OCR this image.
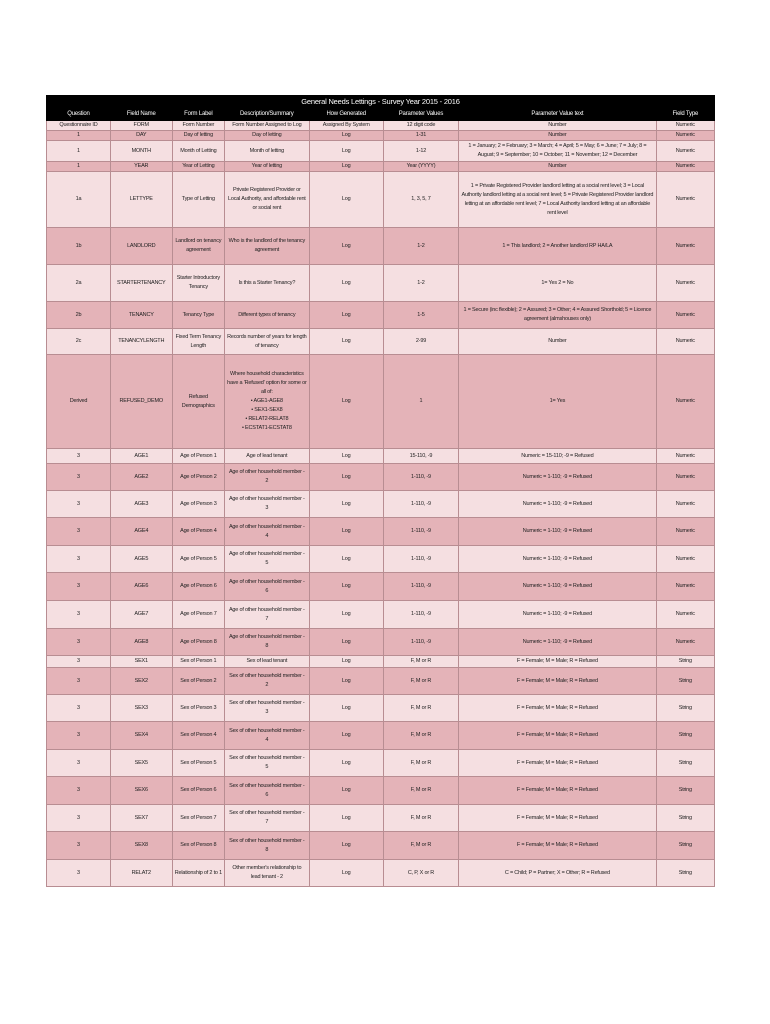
General Needs Lettings - Survey Year 2015 - 2016							
Question	Field Name	Form Label	Description/Summary	How Generated	Parameter Values	Parameter Value text	Field Type
Questionnaire ID	FORM	Form Number	Form Number Assigned to Log	Assigned By System	12 digit code	Number	Numeric
1	DAY	Day of letting	Day of letting	Log	1-31	Number	Numeric
1	MONTH	Month of Letting	Month of letting	Log	1-12	1 = January; 2 = February; 3 = March; 4 = April; 5 = May; 6 = June; 7 = July; 8 = August; 9 = September; 10 = October; 11 = November; 12 = December	Numeric
1	YEAR	Year of Letting	Year of letting	Log	Year (YYYY)	Number	Numeric
1a	LETTYPE	Type of Letting	Private Registered Provider or Local Authority, and affordable rent or social rent	Log	1, 3, 5, 7	1 = Private Registered Provider landlord letting at a social rent level; 3 = Local Authority landlord letting at a social rent level; 5 = Private Registered Provider landlord letting at an affordable rent level; 7 = Local Authority landlord letting at an affordable rent level	Numeric
1b	LANDLORD	Landlord on tenancy agreement	Who is the landlord of the tenancy agreement	Log	1-2	1 = This landlord; 2 = Another landlord RP HA/LA	Numeric
2a	STARTERTENANCY	Starter Introductory Tenancy	Is this a Starter Tenancy?	Log	1-2	1= Yes 2 = No	Numeric
2b	TENANCY	Tenancy Type	Different types of tenancy	Log	1-5	1 = Secure (inc flexible); 2 = Assured; 3 = Other; 4 = Assured Shorthold; 5 = Licence agreement (almshouses only)	Numeric
2c	TENANCYLENGTH	Fixed Term Tenancy Length	Records number of years for length of tenancy	Log	2-99	Number	Numeric
Derived	REFUSED_DEMO	Refused Demographics	Where household characteristics have a 'Refused' option for some or all of:
• AGE1-AGE8
• SEX1-SEX8
• RELAT2-RELAT8
• ECSTAT1-ECSTAT8	Log	1	1= Yes	Numeric
3	AGE1	Age of Person 1	Age of lead tenant	Log	15-110, -9	Numeric = 15-110; -9 = Refused	Numeric
3	AGE2	Age of Person 2	Age of other household member - 2	Log	1-110, -9	Numeric = 1-110; -9 = Refused	Numeric
3	AGE3	Age of Person 3	Age of other household member - 3	Log	1-110, -9	Numeric = 1-110; -9 = Refused	Numeric
3	AGE4	Age of Person 4	Age of other household member - 4	Log	1-110, -9	Numeric = 1-110; -9 = Refused	Numeric
3	AGE5	Age of Person 5	Age of other household member - 5	Log	1-110, -9	Numeric = 1-110; -9 = Refused	Numeric
3	AGE6	Age of Person 6	Age of other household member - 6	Log	1-110, -9	Numeric = 1-110; -9 = Refused	Numeric
3	AGE7	Age of Person 7	Age of other household member - 7	Log	1-110, -9	Numeric = 1-110; -9 = Refused	Numeric
3	AGE8	Age of Person 8	Age of other household member - 8	Log	1-110, -9	Numeric = 1-110; -9 = Refused	Numeric
3	SEX1	Sex of Person 1	Sex of lead tenant	Log	F, M or R	F = Female; M = Male; R = Refused	String
3	SEX2	Sex of Person 2	Sex of other household member - 2	Log	F, M or R	F = Female; M = Male; R = Refused	String
3	SEX3	Sex of Person 3	Sex of other household member - 3	Log	F, M or R	F = Female; M = Male; R = Refused	String
3	SEX4	Sex of Person 4	Sex of other household member - 4	Log	F, M or R	F = Female; M = Male; R = Refused	String
3	SEX5	Sex of Person 5	Sex of other household member - 5	Log	F, M or R	F = Female; M = Male; R = Refused	String
3	SEX6	Sex of Person 6	Sex of other household member - 6	Log	F, M or R	F = Female; M = Male; R = Refused	String
3	SEX7	Sex of Person 7	Sex of other household member - 7	Log	F, M or R	F = Female; M = Male; R = Refused	String
3	SEX8	Sex of Person 8	Sex of other household member - 8	Log	F, M or R	F = Female; M = Male; R = Refused	String
3	RELAT2	Relationship of 2 to 1	Other member's relationship to lead tenant - 2	Log	C, P, X or R	C = Child; P = Partner; X = Other; R = Refused	String
